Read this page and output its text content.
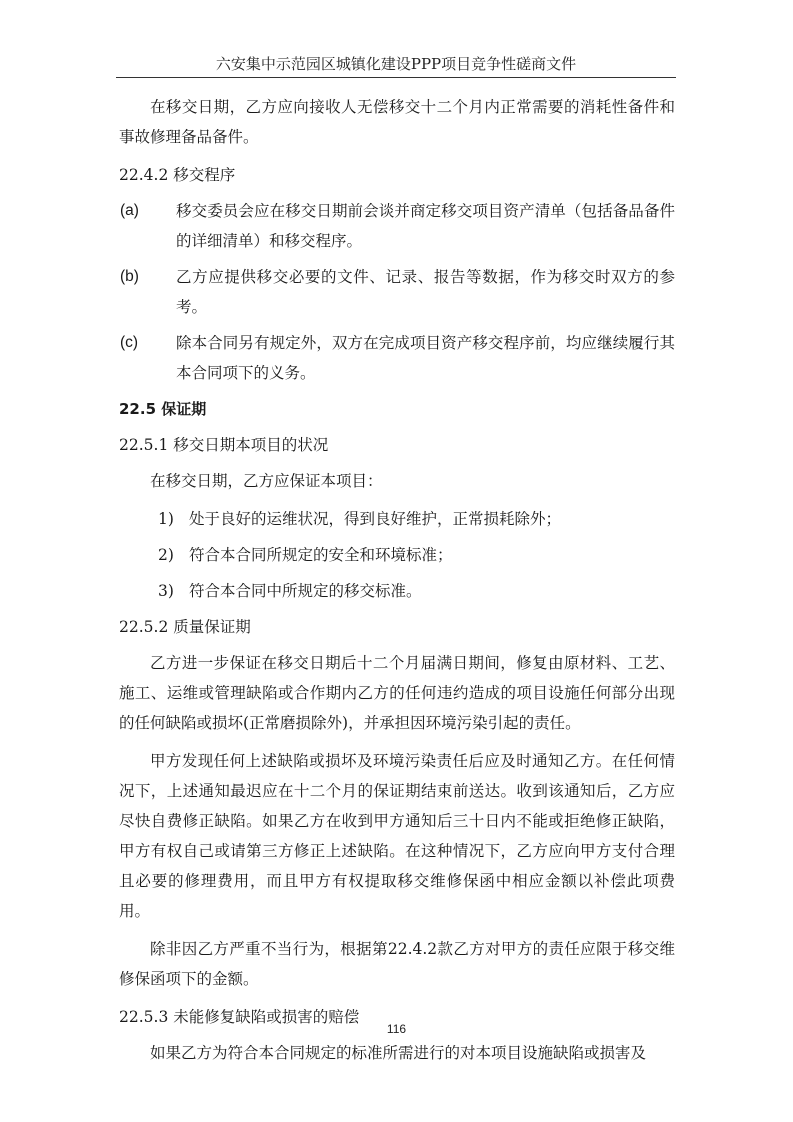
六安集中示范园区城镇化建设PPP项目竞争性磋商文件

在移交日期，乙方应向接收人无偿移交十二个月内正常需要的消耗性备件和事故修理备品备件。

22.4.2 移交程序

(a)	移交委员会应在移交日期前会谈并商定移交项目资产清单（包括备品备件的详细清单）和移交程序。
(b)	乙方应提供移交必要的文件、记录、报告等数据，作为移交时双方的参考。
(c)	除本合同另有规定外，双方在完成项目资产移交程序前，均应继续履行其本合同项下的义务。

22.5 保证期

22.5.1 移交日期本项目的状况

在移交日期，乙方应保证本项目：

1) 处于良好的运维状况，得到良好维护，正常损耗除外；
2) 符合本合同所规定的安全和环境标准；
3) 符合本合同中所规定的移交标准。

22.5.2 质量保证期

乙方进一步保证在移交日期后十二个月届满日期间，修复由原材料、工艺、施工、运维或管理缺陷或合作期内乙方的任何违约造成的项目设施任何部分出现的任何缺陷或损坏(正常磨损除外)，并承担因环境污染引起的责任。

甲方发现任何上述缺陷或损坏及环境污染责任后应及时通知乙方。在任何情况下，上述通知最迟应在十二个月的保证期结束前送达。收到该通知后，乙方应尽快自费修正缺陷。如果乙方在收到甲方通知后三十日内不能或拒绝修正缺陷，甲方有权自己或请第三方修正上述缺陷。在这种情况下，乙方应向甲方支付合理且必要的修理费用，而且甲方有权提取移交维修保函中相应金额以补偿此项费用。

除非因乙方严重不当行为，根据第22.4.2款乙方对甲方的责任应限于移交维修保函项下的金额。

22.5.3 未能修复缺陷或损害的赔偿

如果乙方为符合本合同规定的标准所需进行的对本项目设施缺陷或损害及

116
